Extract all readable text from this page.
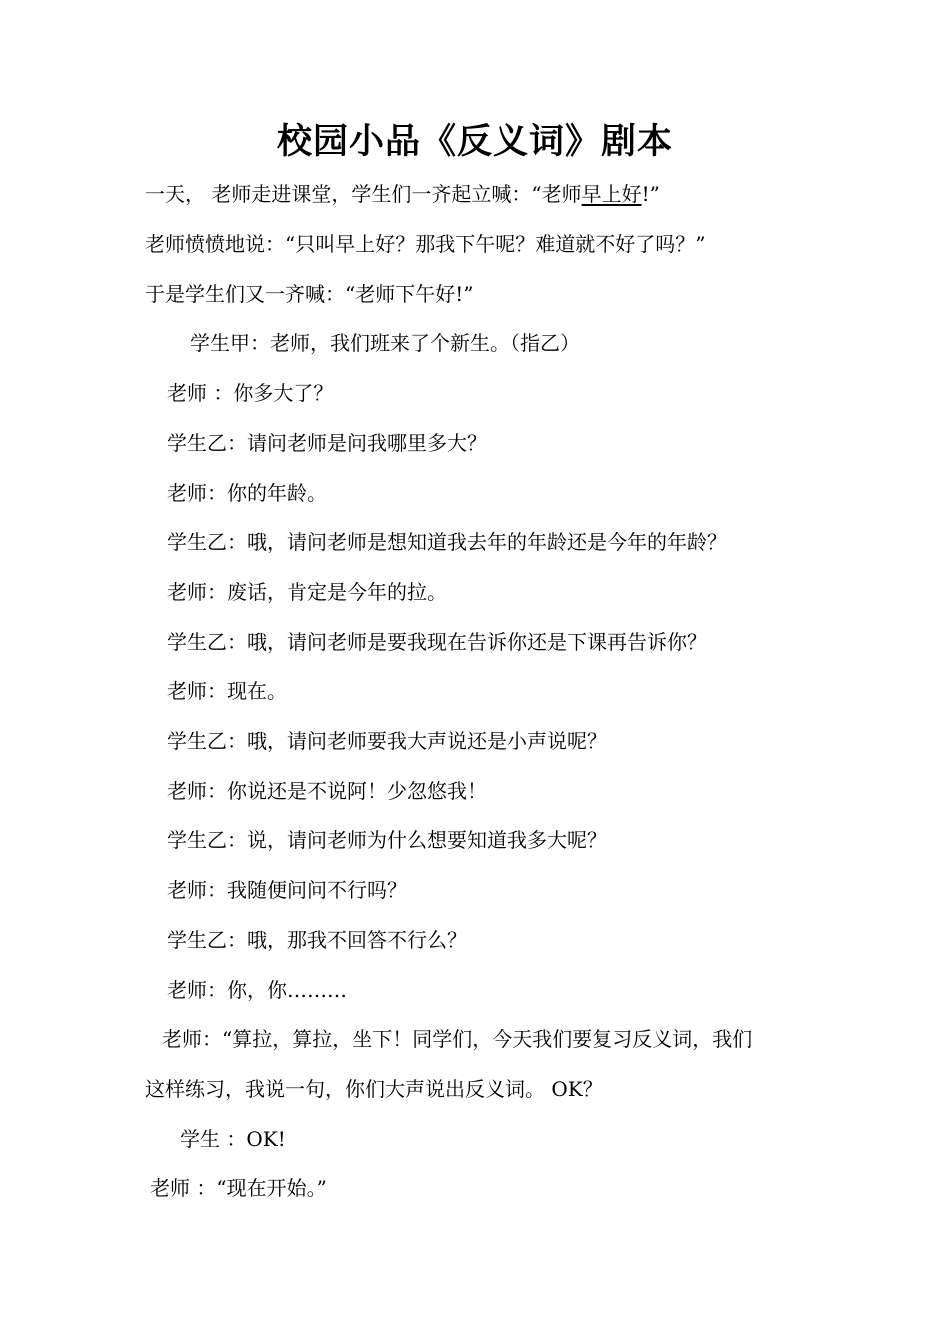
校园小品《反义词》剧本
一天， 老师走进课堂，学生们一齐起立喊：“老师早上好!”
老师愤愤地说：“只叫早上好？那我下午呢？难道就不好了吗？”
于是学生们又一齐喊：“老师下午好!”
学生甲：老师，我们班来了个新生。（指乙）
老师 ：你多大了？
学生乙：请问老师是问我哪里多大？
老师：你的年龄。
学生乙：哦，请问老师是想知道我去年的年龄还是今年的年龄？
老师：废话，肯定是今年的拉。
学生乙：哦，请问老师是要我现在告诉你还是下课再告诉你？
老师：现在。
学生乙：哦，请问老师要我大声说还是小声说呢？
老师：你说还是不说阿！少忽悠我！
学生乙：说，请问老师为什么想要知道我多大呢？
老师：我随便问问不行吗？
学生乙：哦，那我不回答不行么？
老师：你，你………
老师：“算拉，算拉，坐下！同学们，今天我们要复习反义词，我们
这样练习，我说一句，你们大声说出反义词。 OK？
学生 ：OK!
老师 ：“现在开始。”
